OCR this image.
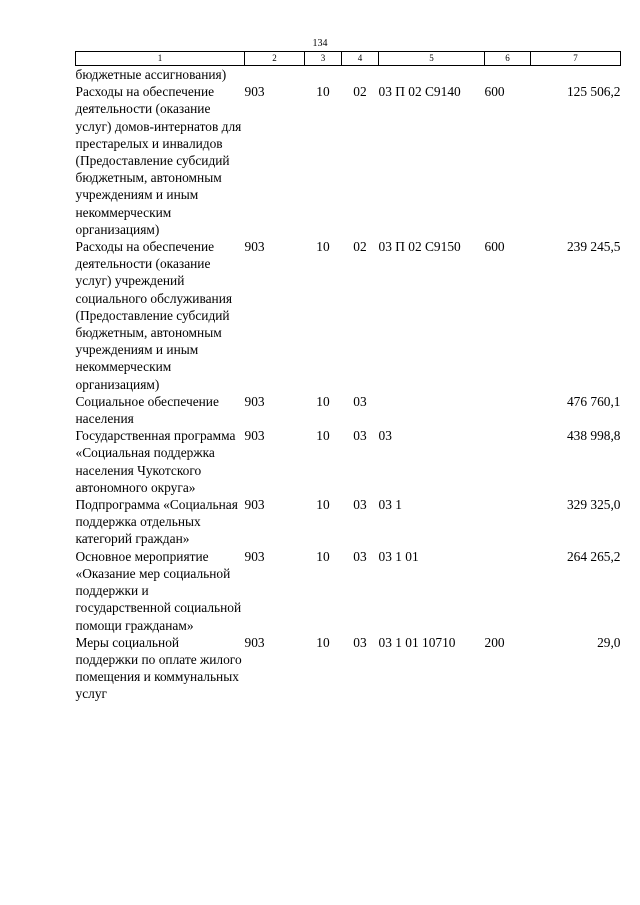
134
1	2	3	4	5	6	7
бюджетные ассигнования)						
Расходы на обеспечение деятельности (оказание услуг) домов-интернатов для престарелых и инвалидов (Предоставление субсидий бюджетным, автономным учреждениям и иным некоммерческим организациям)	903	10	02	03 П 02 С9140	600	125 506,2
Расходы на обеспечение деятельности (оказание услуг) учреждений социального обслуживания (Предоставление субсидий бюджетным, автономным учреждениям и иным некоммерческим организациям)	903	10	02	03 П 02 С9150	600	239 245,5
Социальное обеспечение населения	903	10	03			476 760,1
Государственная программа «Социальная поддержка населения Чукотского автономного округа»	903	10	03	03		438 998,8
Подпрограмма «Социальная поддержка отдельных категорий граждан»	903	10	03	03 1		329 325,0
Основное мероприятие «Оказание мер социальной поддержки и государственной социальной помощи гражданам»	903	10	03	03 1 01		264 265,2
Меры социальной поддержки по оплате жилого помещения и коммунальных услуг	903	10	03	03 1 01 10710	200	29,0
